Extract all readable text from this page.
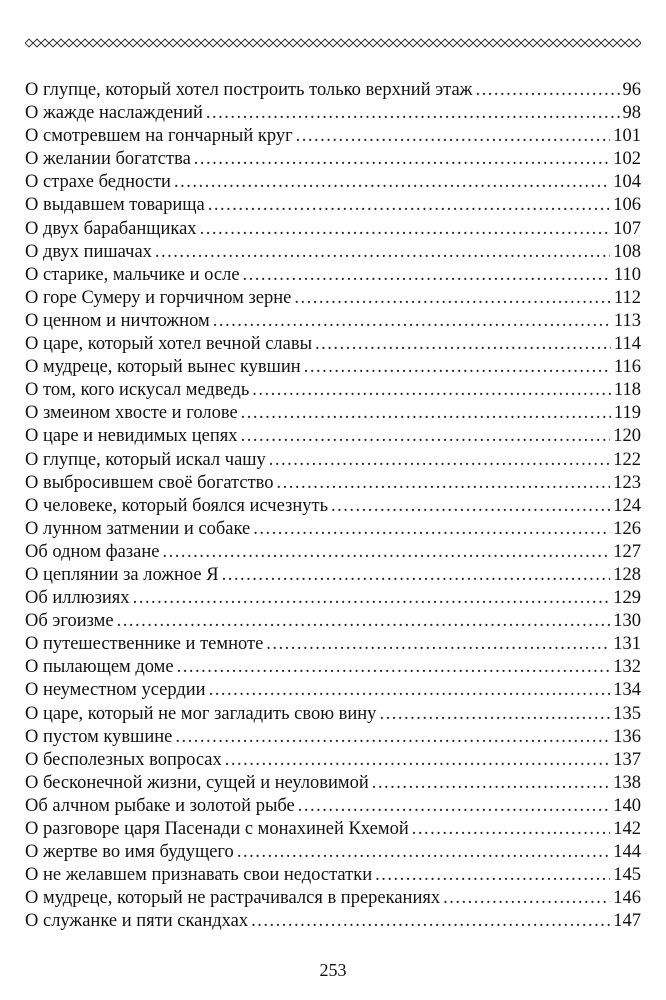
О глупце, который хотел построить только верхний этаж .....	96
О жажде наслаждений .....	98
О смотревшем на гончарный круг .....	101
О желании богатства .....	102
О страхе бедности .....	104
О выдавшем товарища .....	106
О двух барабанщиках .....	107
О двух пишачах .....	108
О старике, мальчике и осле .....	110
О горе Сумеру и горчичном зерне .....	112
О ценном и ничтожном .....	113
О царе, который хотел вечной славы .....	114
О мудреце, который вынес кувшин .....	116
О том, кого искусал медведь .....	118
О змеином хвосте и голове .....	119
О царе и невидимых цепях .....	120
О глупце, который искал чашу .....	122
О выбросившем своё богатство .....	123
О человеке, который боялся исчезнуть .....	124
О лунном затмении и собаке .....	126
Об одном фазане .....	127
О цеплянии за ложное Я .....	128
Об иллюзиях .....	129
Об эгоизме .....	130
О путешественнике и темноте .....	131
О пылающем доме .....	132
О неуместном усердии .....	134
О царе, который не мог загладить свою вину .....	135
О пустом кувшине .....	136
О бесполезных вопросах .....	137
О бесконечной жизни, сущей и неуловимой .....	138
Об алчном рыбаке и золотой рыбе .....	140
О разговоре царя Пасенади с монахиней Кхемой .....	142
О жертве во имя будущего .....	144
О не желавшем признавать свои недостатки .....	145
О мудреце, который не растрачивался в пререканиях .....	146
О служанке и пяти скандхах .....	147
253
